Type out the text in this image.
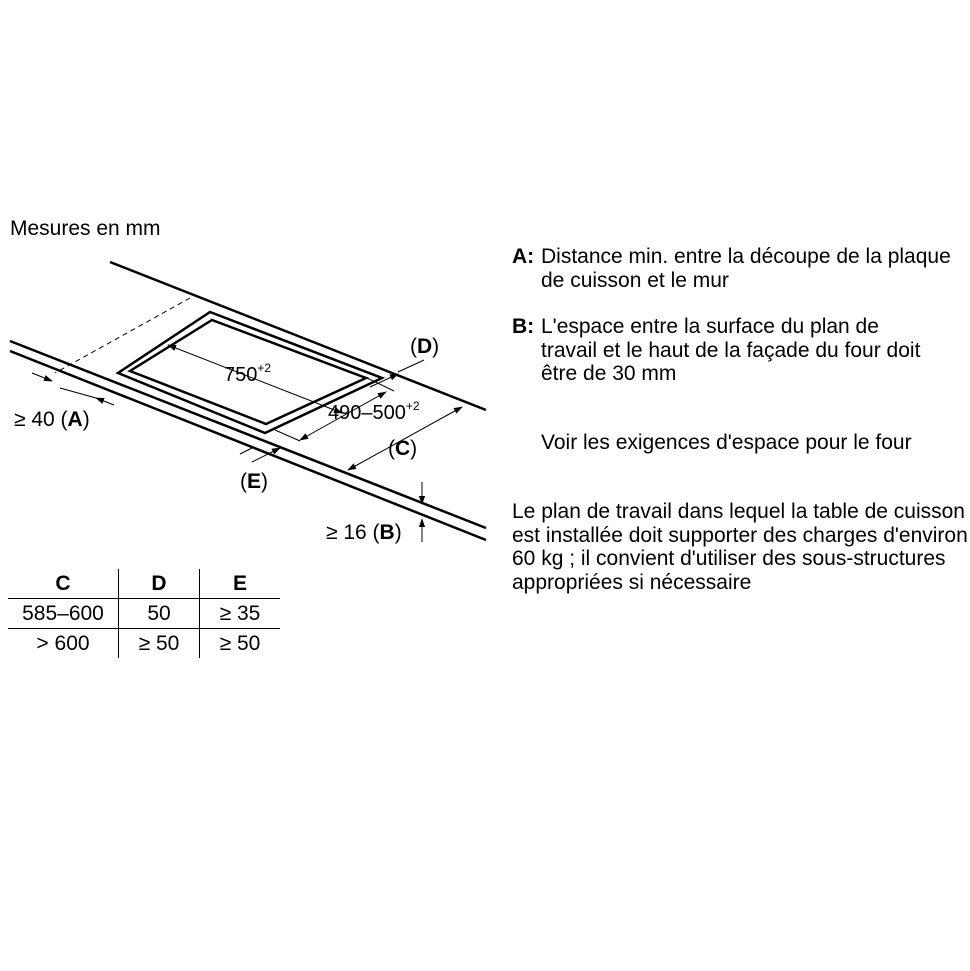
Mesures en mm
$750^{+2}$
$490-500^{+2}$
(D)
(C)
≥ 40 (A)
(E)
≥ 16 (B)
C	D	E
585–600	50	≥ 35
> 600	≥ 50	≥ 50
A: Distance min. entre la découpe de la plaque de cuisson et le mur
B: L'espace entre la surface du plan de travail et le haut de la façade du four doit être de 30 mm
Voir les exigences d'espace pour le four
Le plan de travail dans lequel la table de cuisson est installée doit supporter des charges d'environ 60 kg ; il convient d'utiliser des sous-structures appropriées si nécessaire
